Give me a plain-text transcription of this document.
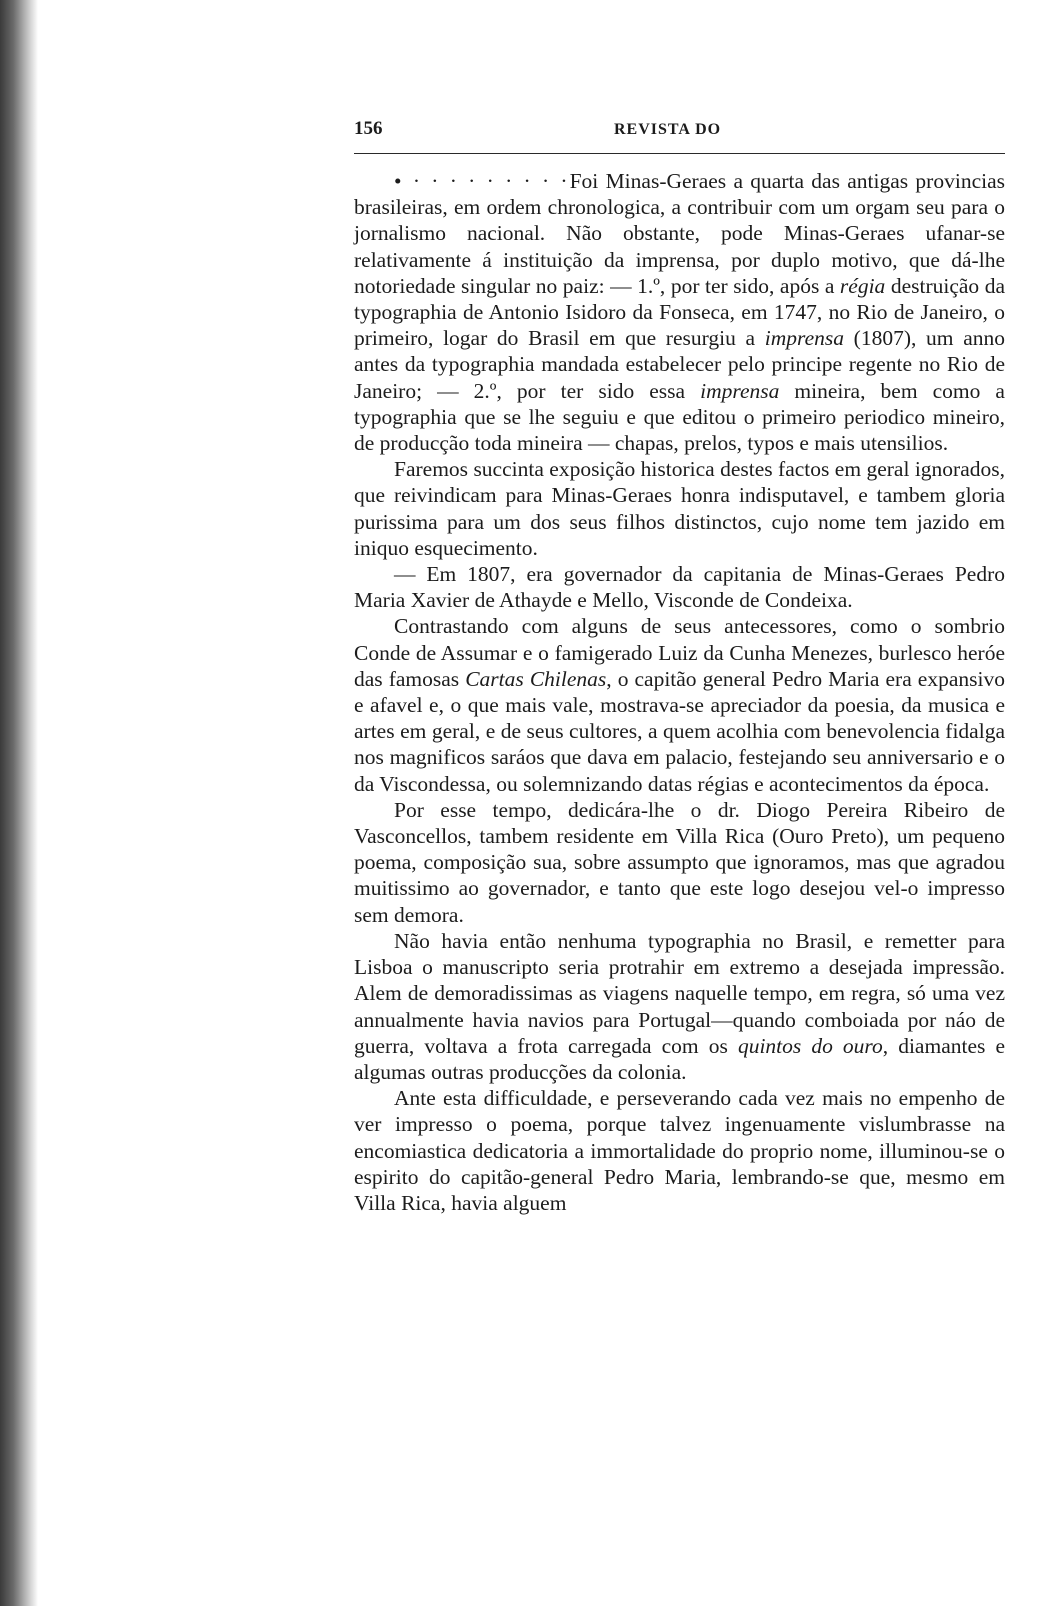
156	REVISTA DO

• · · · · · · · · ·Foi Minas-Geraes a quarta das antigas provincias brasileiras, em ordem chronologica, a contribuir com um orgam seu para o jornalismo nacional. Não obstante, pode Minas-Geraes ufanar-se relativamente á instituição da imprensa, por duplo motivo, que dá-lhe notoriedade singular no paiz: — 1.º, por ter sido, após a régia destruição da typographia de Antonio Isidoro da Fonseca, em 1747, no Rio de Janeiro, o primeiro, logar do Brasil em que resurgiu a imprensa (1807), um anno antes da typographia mandada estabelecer pelo principe regente no Rio de Janeiro; — 2.º, por ter sido essa imprensa mineira, bem como a typographia que se lhe seguiu e que editou o primeiro periodico mineiro, de producção toda mineira — chapas, prelos, typos e mais utensilios.

Faremos succinta exposição historica destes factos em geral ignorados, que reivindicam para Minas-Geraes honra indisputavel, e tambem gloria purissima para um dos seus filhos distinctos, cujo nome tem jazido em iniquo esquecimento.

— Em 1807, era governador da capitania de Minas-Geraes Pedro Maria Xavier de Athayde e Mello, Visconde de Condeixa.

Contrastando com alguns de seus antecessores, como o sombrio Conde de Assumar e o famigerado Luiz da Cunha Menezes, burlesco heróe das famosas Cartas Chilenas, o capitão general Pedro Maria era expansivo e afavel e, o que mais vale, mostrava-se apreciador da poesia, da musica e artes em geral, e de seus cultores, a quem acolhia com benevolencia fidalga nos magnificos saráos que dava em palacio, festejando seu anniversario e o da Viscondessa, ou solemnizando datas régias e acontecimentos da época.

Por esse tempo, dedicára-lhe o dr. Diogo Pereira Ribeiro de Vasconcellos, tambem residente em Villa Rica (Ouro Preto), um pequeno poema, composição sua, sobre assumpto que ignoramos, mas que agradou muitissimo ao governador, e tanto que este logo desejou vel-o impresso sem demora.

Não havia então nenhuma typographia no Brasil, e remetter para Lisboa o manuscripto seria protrahir em extremo a desejada impressão. Alem de demoradissimas as viagens naquelle tempo, em regra, só uma vez annualmente havia navios para Portugal—quando comboiada por náo de guerra, voltava a frota carregada com os quintos do ouro, diamantes e algumas outras producções da colonia.

Ante esta difficuldade, e perseverando cada vez mais no empenho de ver impresso o poema, porque talvez ingenuamente vislumbrasse na encomiastica dedicatoria a immortalidade do proprio nome, illuminou-se o espirito do capitão-general Pedro Maria, lembrando-se que, mesmo em Villa Rica, havia alguem
